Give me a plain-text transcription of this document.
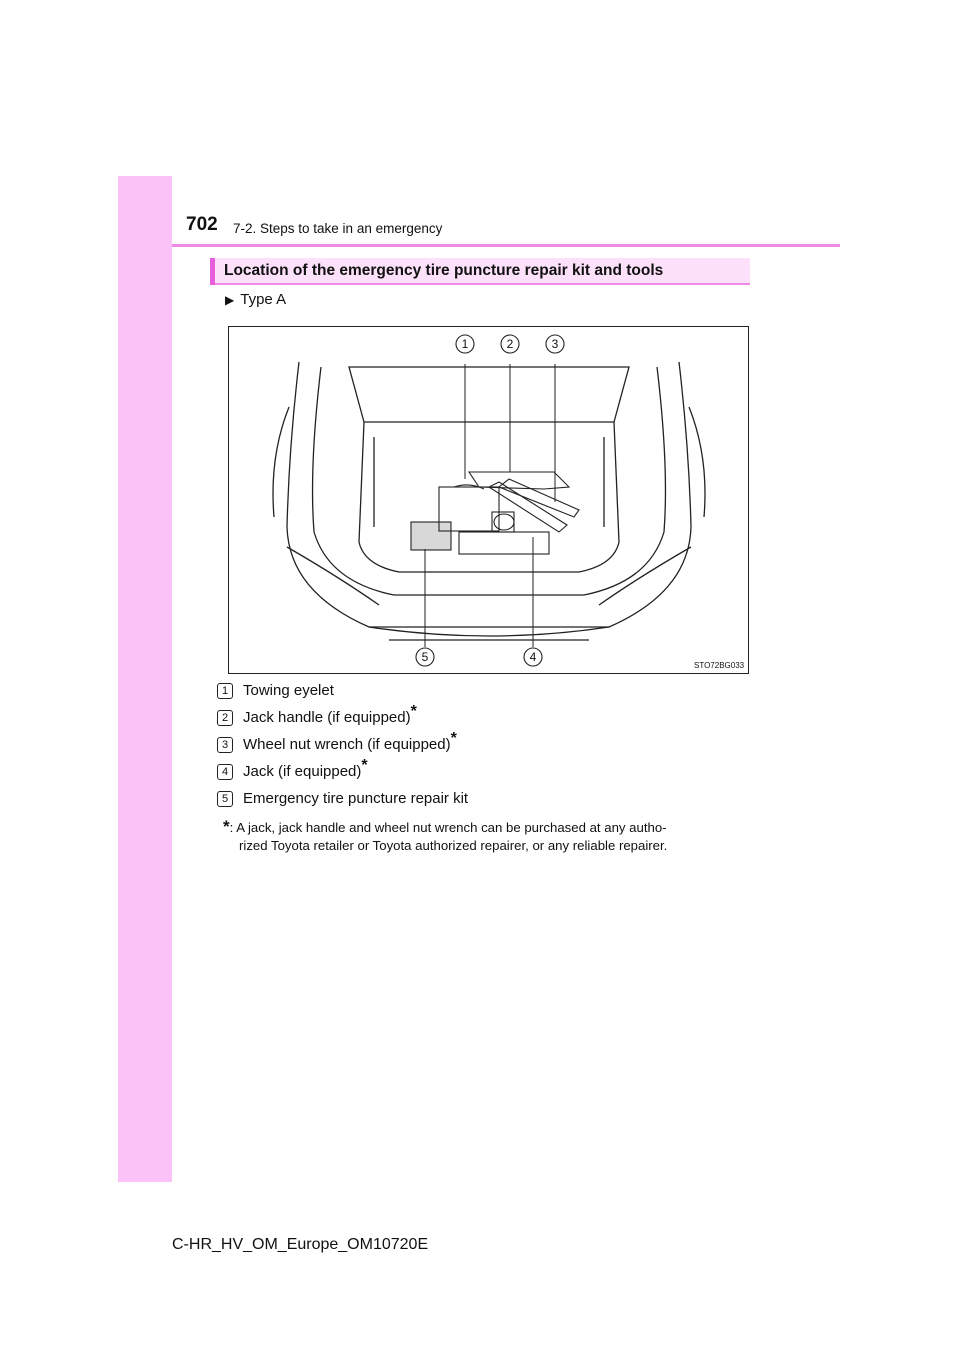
702 7-2. Steps to take in an emergency
Location of the emergency tire puncture repair kit and tools
▶ Type A
1	2	3
4
5
STO72BG033
1 Towing eyelet
2 Jack handle (if equipped)*
3 Wheel nut wrench (if equipped)*
4 Jack (if equipped)*
5 Emergency tire puncture repair kit
*: A jack, jack handle and wheel nut wrench can be purchased at any autho-
rized Toyota retailer or Toyota authorized repairer, or any reliable repairer.
C-HR_HV_OM_Europe_OM10720E
